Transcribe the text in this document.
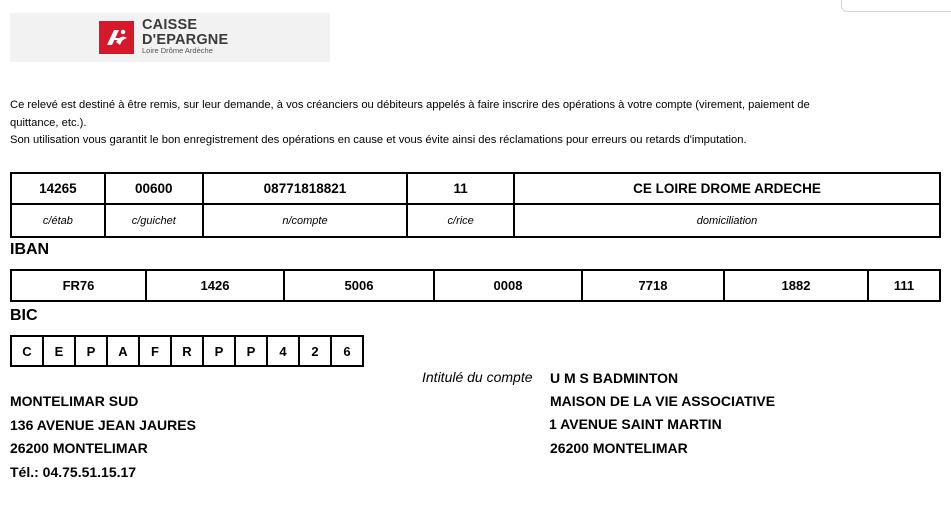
CAISSE
D'EPARGNE
Loire Drôme Ardèche

Ce relevé est destiné à être remis, sur leur demande, à vos créanciers ou débiteurs appelés à faire inscrire des opérations à votre compte (virement, paiement de quittance, etc.).

Son utilisation vous garantit le bon enregistrement des opérations en cause et vous évite ainsi des réclamations pour erreurs ou retards d'imputation.

14265	00600	08771818821	11	CE LOIRE DROME ARDECHE
c/étab	c/guichet	n/compte	c/rice	domiciliation
IBAN
FR76	1426	5006	0008	7718	1882	111
BIC
C	E	P	A	F	R	P	P	4	2	6
Intitulé du compte U M S BADMINTON
MAISON DE LA VIE ASSOCIATIVE
1 AVENUE SAINT MARTIN
26200 MONTELIMAR
MONTELIMAR SUD
136 AVENUE JEAN JAURES
26200 MONTELIMAR
Tél.: 04.75.51.15.17
